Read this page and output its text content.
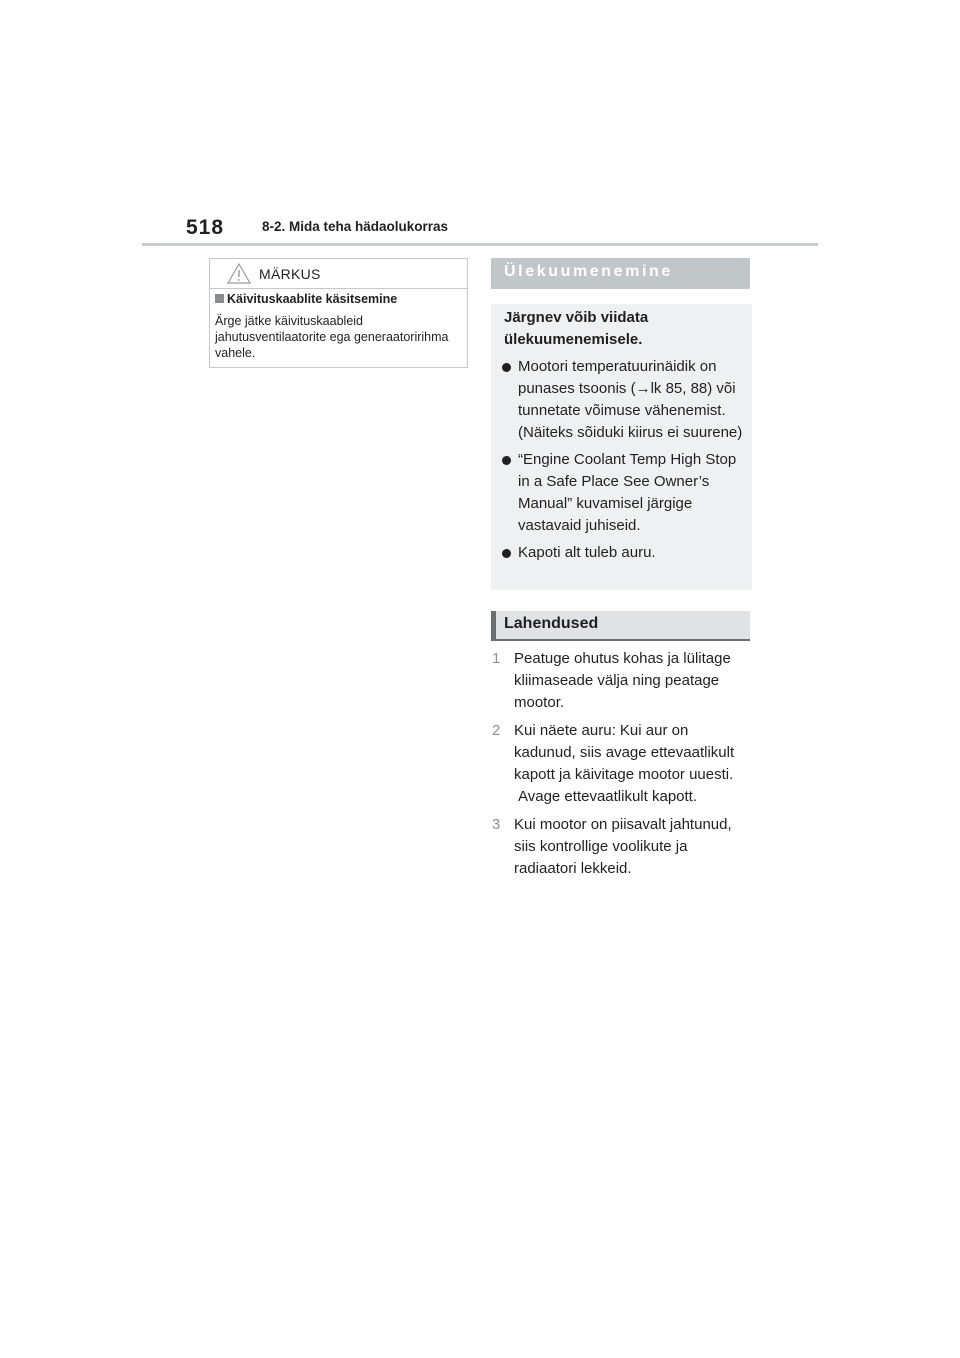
518	8-2. Mida teha hädaolukorras
MÄRKUS
Käivituskaablite käsitsemine
Ärge jätke käivituskaableid jahutusventilaatorite ega generaatoririhma vahele.
Ülekuumenemine
Järgnev võib viidata ülekuumenemisele.
Mootori temperatuurinäidik on punases tsoonis (→lk 85, 88) või tunnetate võimuse vähenemist. (Näiteks sõiduki kiirus ei suurene)
“Engine Coolant Temp High Stop in a Safe Place See Owner’s Manual” kuvamisel järgige vastavaid juhiseid.
Kapoti alt tuleb auru.
Lahendused
1 Peatuge ohutus kohas ja lülitage kliimaseade välja ning peatage mootor.
2 Kui näete auru: Kui aur on kadunud, siis avage ettevaatlikult kapott ja käivitage mootor uuesti.
Avage ettevaatlikult kapott.
3 Kui mootor on piisavalt jahtunud, siis kontrollige voolikute ja radiaatori lekkeid.
